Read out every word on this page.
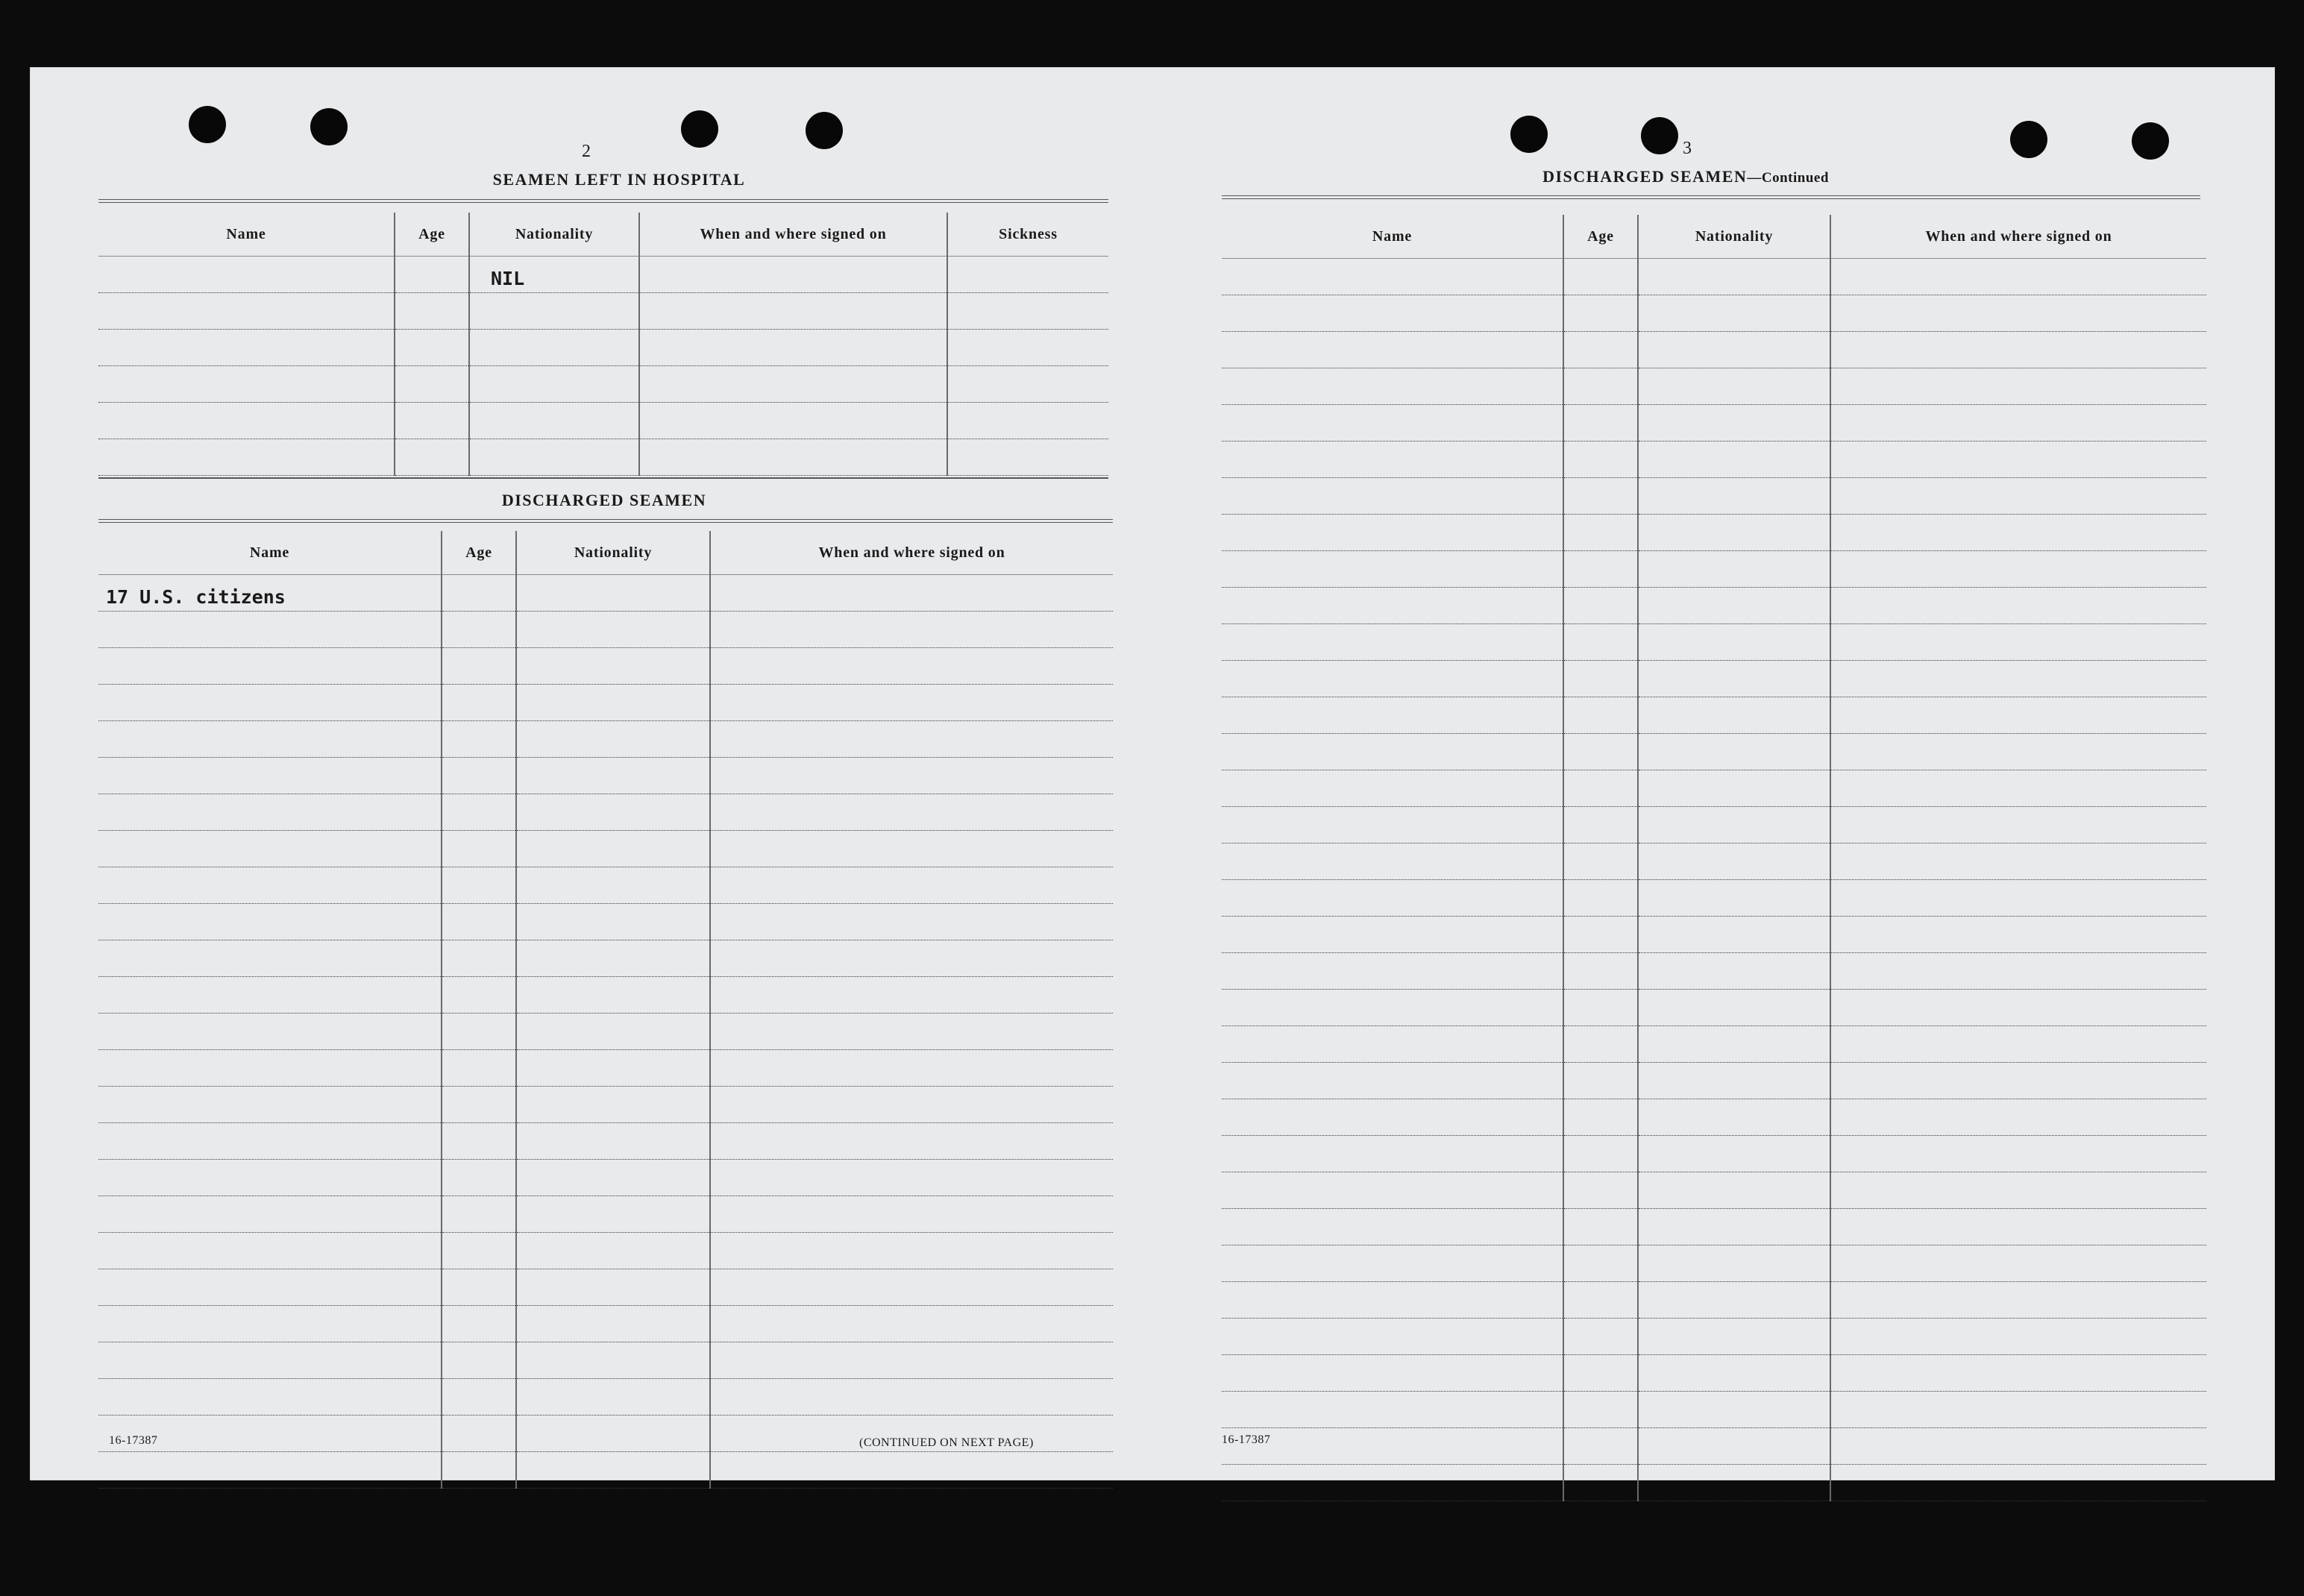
2
SEAMEN LEFT IN HOSPITAL
Name	Age	Nationality	When and where signed on	Sickness
		NIL		

DISCHARGED SEAMEN
Name	Age	Nationality	When and where signed on
17 U.S. citizens			

16-17387	(CONTINUED ON NEXT PAGE)
3
DISCHARGED SEAMEN—Continued
Name	Age	Nationality	When and where signed on

16-17387
